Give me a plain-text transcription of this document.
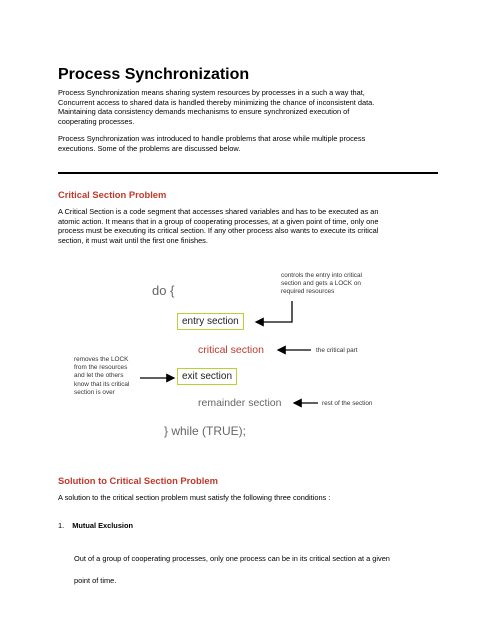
Process Synchronization
Process Synchronization means sharing system resources by processes in a such a way that,
Concurrent access to shared data is handled thereby minimizing the chance of inconsistent data.
Maintaining data consistency demands mechanisms to ensure synchronized execution of
cooperating processes.
Process Synchronization was introduced to handle problems that arose while multiple process
executions. Some of the problems are discussed below.
Critical Section Problem
A Critical Section is a code segment that accesses shared variables and has to be executed as an
atomic action. It means that in a group of cooperating processes, at a given point of time, only one
process must be executing its critical section. If any other process also wants to execute its critical
section, it must wait until the first one finishes.
do {
controls the entry into critical
section and gets a LOCK on
required resources
entry section
critical section	the critical part
removes the LOCK
from the resources
and let the others
know that its critical
section is over
exit section
remainder section	rest of the section
} while (TRUE);
Solution to Critical Section Problem
A solution to the critical section problem must satisfy the following three conditions :
1. Mutual Exclusion
Out of a group of cooperating processes, only one process can be in its critical section at a given
point of time.
